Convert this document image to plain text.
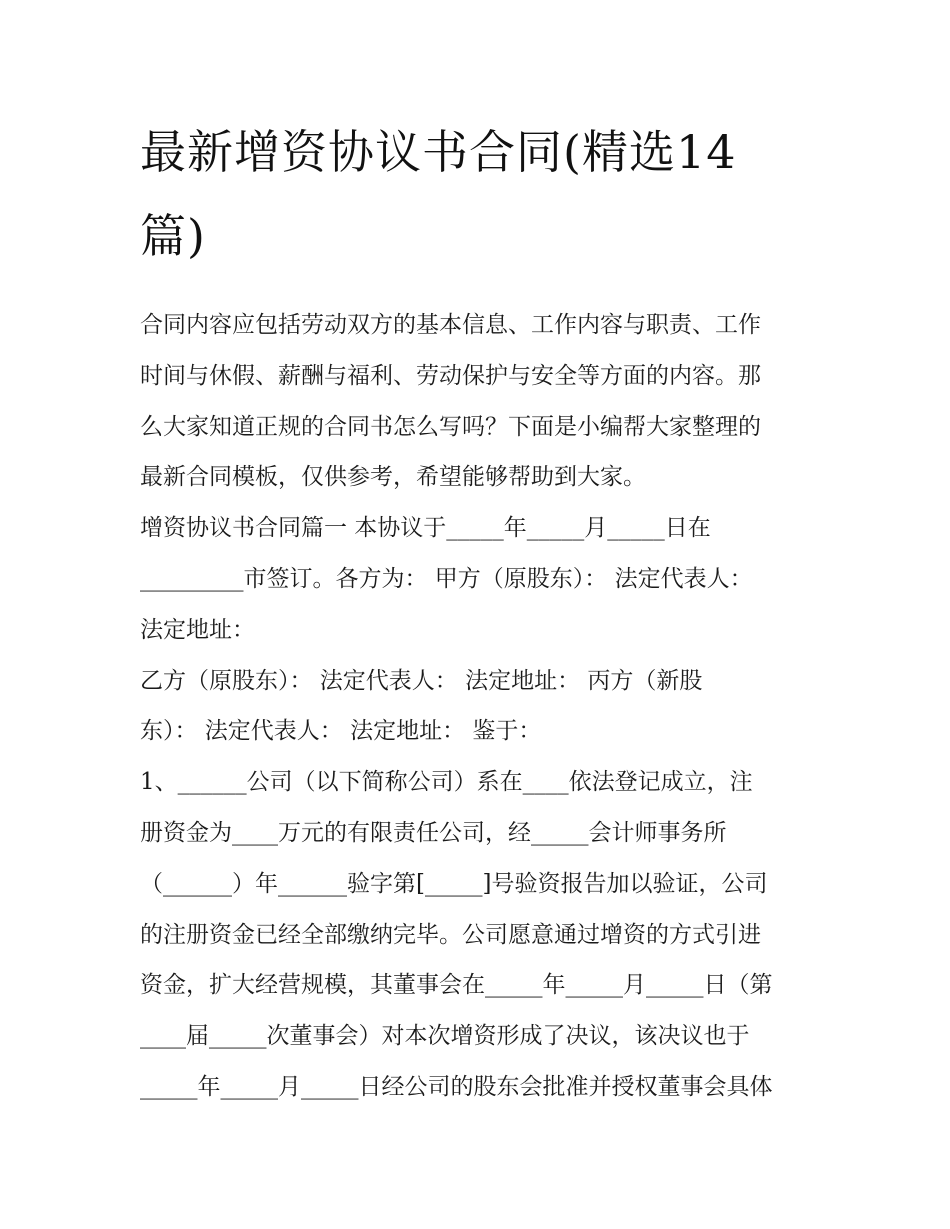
最新增资协议书合同(精选14
篇)
合同内容应包括劳动双方的基本信息、工作内容与职责、工作
时间与休假、薪酬与福利、劳动保护与安全等方面的内容。那
么大家知道正规的合同书怎么写吗？下面是小编帮大家整理的
最新合同模板，仅供参考，希望能够帮助到大家。
增资协议书合同篇一 本协议于_____年_____月_____日在
_________市签订。各方为： 甲方（原股东）： 法定代表人：
法定地址：
乙方（原股东）： 法定代表人： 法定地址： 丙方（新股
东）： 法定代表人： 法定地址： 鉴于：
1、______公司（以下简称公司）系在____依法登记成立，注
册资金为____万元的有限责任公司，经_____会计师事务所
（______）年______验字第[_____]号验资报告加以验证，公司
的注册资金已经全部缴纳完毕。公司愿意通过增资的方式引进
资金，扩大经营规模，其董事会在_____年_____月_____日（第
____届_____次董事会）对本次增资形成了决议，该决议也于
_____年_____月_____日经公司的股东会批准并授权董事会具体
